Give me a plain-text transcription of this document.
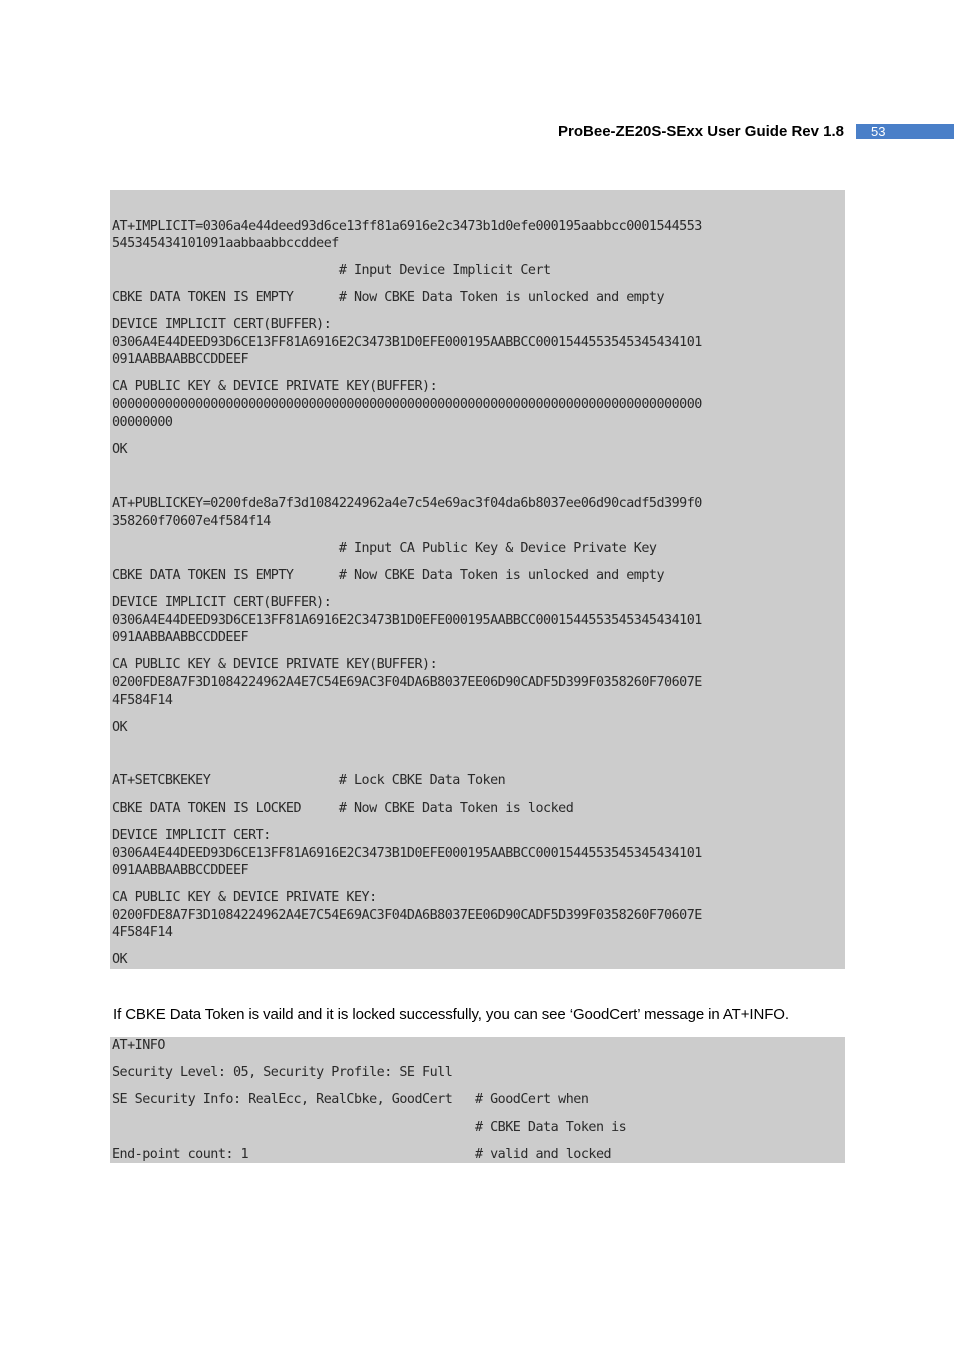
ProBee-ZE20S-SExx User Guide Rev 1.8	53
AT+IMPLICIT=0306a4e44deed93d6ce13ff81a6916e2c3473b1d0efe000195aabbcc0001544553
545345434101091aabbaabbccddeef
# Input Device Implicit Cert
CBKE DATA TOKEN IS EMPTY      # Now CBKE Data Token is unlocked and empty
DEVICE IMPLICIT CERT(BUFFER):
0306A4E44DEED93D6CE13FF81A6916E2C3473B1D0EFE000195AABBCC0001544553545345434101
091AABBAABBCCDDEEF
CA PUBLIC KEY & DEVICE PRIVATE KEY(BUFFER):
000000000000000000000000000000000000000000000000000000000000000000000000000000
00000000
OK
AT+PUBLICKEY=0200fde8a7f3d1084224962a4e7c54e69ac3f04da6b8037ee06d90cadf5d399f0
358260f70607e4f584f14
# Input CA Public Key & Device Private Key
CBKE DATA TOKEN IS EMPTY      # Now CBKE Data Token is unlocked and empty
DEVICE IMPLICIT CERT(BUFFER):
0306A4E44DEED93D6CE13FF81A6916E2C3473B1D0EFE000195AABBCC0001544553545345434101
091AABBAABBCCDDEEF
CA PUBLIC KEY & DEVICE PRIVATE KEY(BUFFER):
0200FDE8A7F3D1084224962A4E7C54E69AC3F04DA6B8037EE06D90CADF5D399F0358260F70607E
4F584F14
OK
AT+SETCBKEKEY                 # Lock CBKE Data Token
CBKE DATA TOKEN IS LOCKED     # Now CBKE Data Token is locked
DEVICE IMPLICIT CERT:
0306A4E44DEED93D6CE13FF81A6916E2C3473B1D0EFE000195AABBCC0001544553545345434101
091AABBAABBCCDDEEF
CA PUBLIC KEY & DEVICE PRIVATE KEY:
0200FDE8A7F3D1084224962A4E7C54E69AC3F04DA6B8037EE06D90CADF5D399F0358260F70607E
4F584F14
OK
If CBKE Data Token is vaild and it is locked successfully, you can see ‘GoodCert’ message in AT+INFO.
AT+INFO
Security Level: 05, Security Profile: SE Full
SE Security Info: RealEcc, RealCbke, GoodCert   # GoodCert when
# CBKE Data Token is
End-point count: 1                              # valid and locked
